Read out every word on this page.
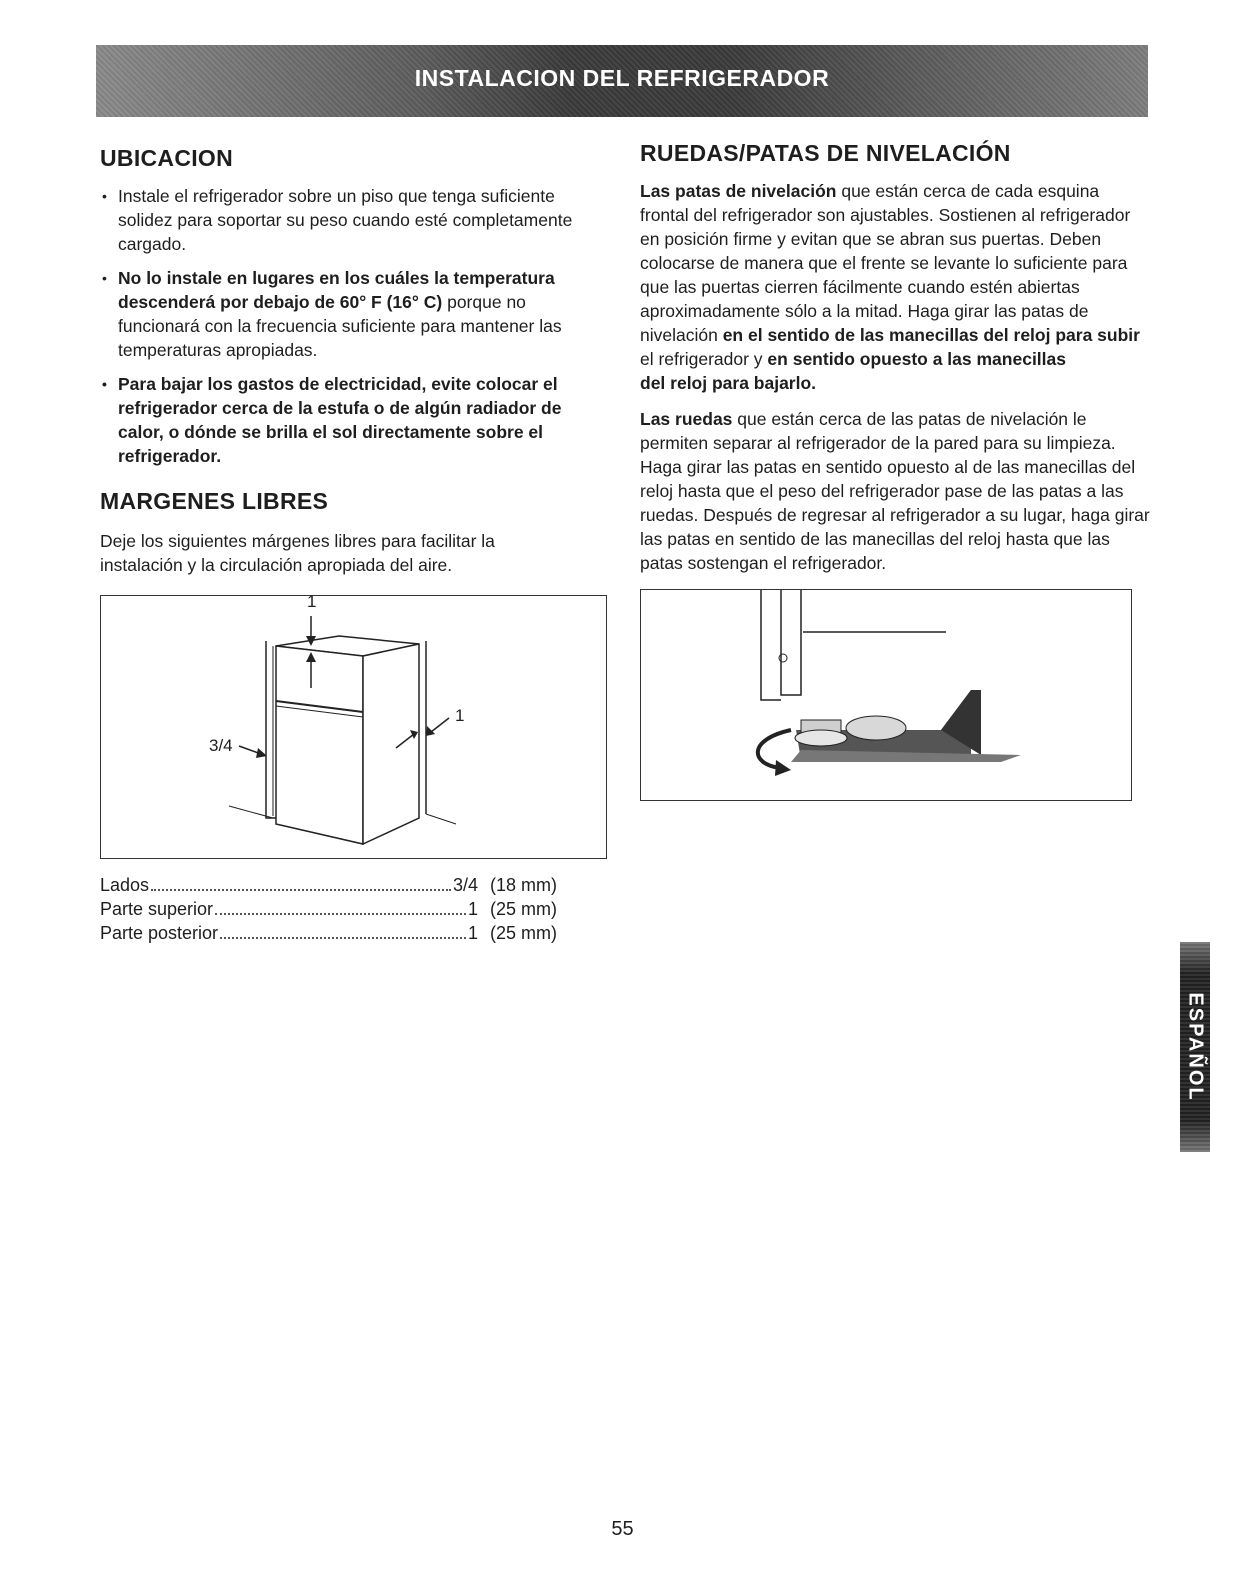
INSTALACION DEL REFRIGERADOR
UBICACION
• Instale el refrigerador sobre un piso que tenga suficiente solidez para soportar su peso cuando esté completamente cargado.
• No lo instale en lugares en los cuáles la temperatura descenderá por debajo de 60° F (16° C) porque no funcionará con la frecuencia suficiente para mantener las temperaturas apropiadas.
• Para bajar los gastos de electricidad, evite colocar el refrigerador cerca de la estufa o de algún radiador de calor, o dónde se brilla el sol directamente sobre el refrigerador.
MARGENES LIBRES

Deje los siguientes márgenes libres para facilitar la instalación y la circulación apropiada del aire.

1
3/4
1
Lados	3/4 (18 mm)
Parte superior	1 (25 mm)
Parte posterior	1 (25 mm)
RUEDAS/PATAS DE NIVELACIÓN

Las patas de nivelación que están cerca de cada esquina frontal del refrigerador son ajustables. Sostienen al refrigerador en posición firme y evitan que se abran sus puertas. Deben colocarse de manera que el frente se levante lo suficiente para que las puertas cierren fácilmente cuando estén abiertas aproximadamente sólo a la mitad. Haga girar las patas de nivelación en el sentido de las manecillas del reloj para subir el refrigerador y en sentido opuesto a las manecillas
del reloj para bajarlo.

Las ruedas que están cerca de las patas de nivelación le permiten separar al refrigerador de la pared para su limpieza. Haga girar las patas en sentido opuesto al de las manecillas del reloj hasta que el peso del refrigerador pase de las patas a las ruedas. Después de regresar al refrigerador a su lugar, haga girar las patas en sentido de las manecillas del reloj hasta que las patas sostengan el refrigerador.

ESPAÑOL
55
